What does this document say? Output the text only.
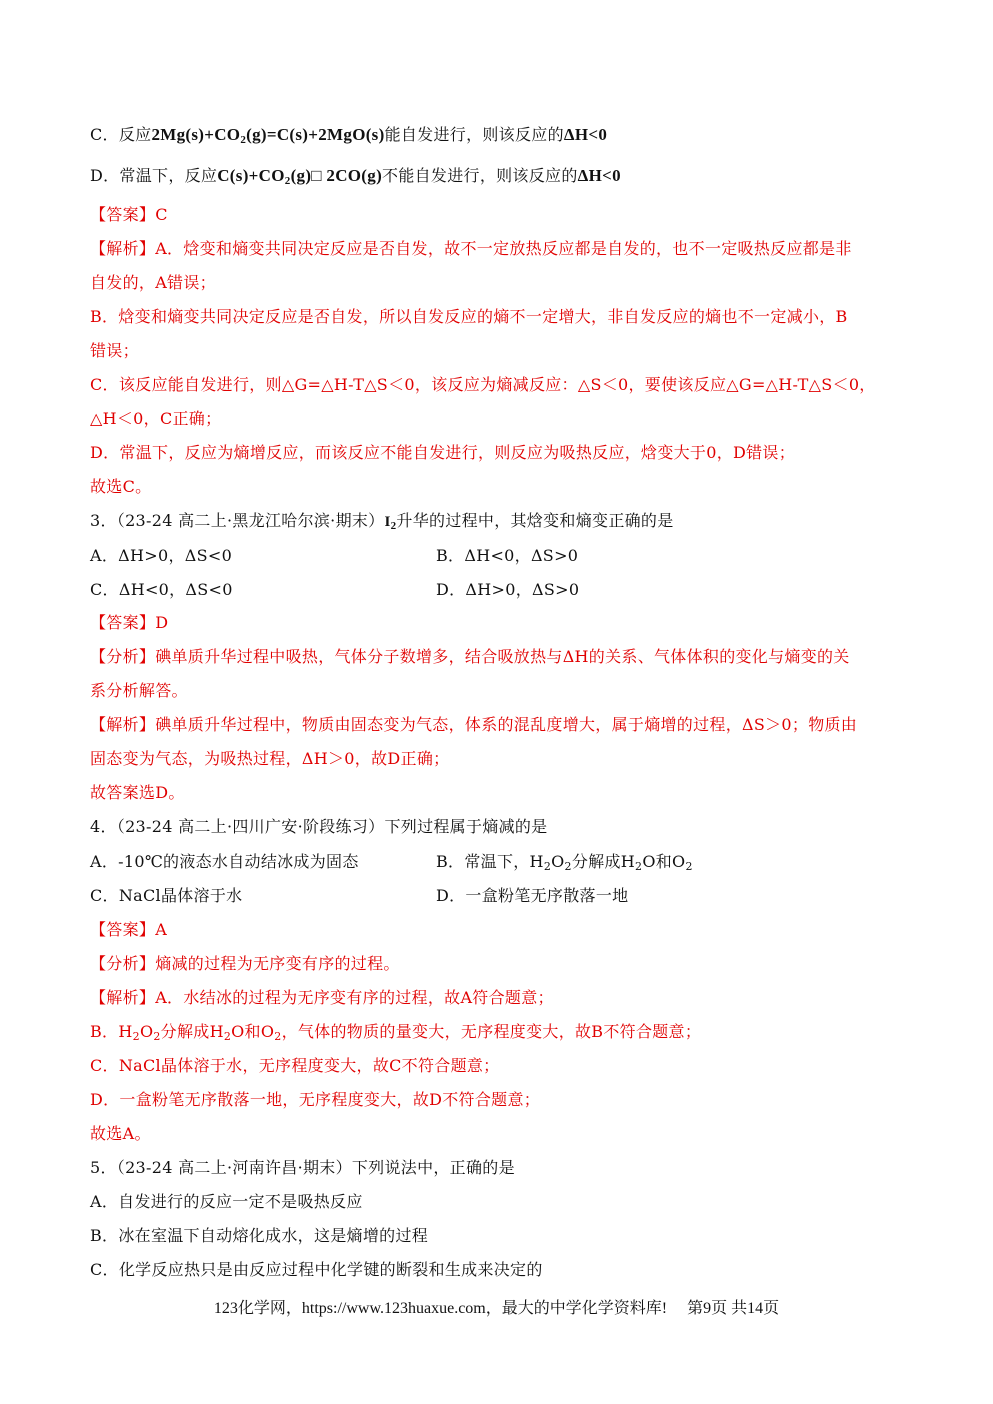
C．反应$2Mg(s)+CO_2(g)=C(s)+2MgO(s)$能自发进行，则该反应的ΔH<0
D．常温下，反应$C(s)+CO_2(g)□$ 2CO(g)不能自发进行，则该反应的ΔH<0
【答案】C
【解析】A．焓变和熵变共同决定反应是否自发，故不一定放热反应都是自发的，也不一定吸热反应都是非
自发的，A错误；
B．焓变和熵变共同决定反应是否自发，所以自发反应的熵不一定增大，非自发反应的熵也不一定减小，B
错误；
C．该反应能自发进行，则△G=△H-T△S＜0，该反应为熵减反应：△S＜0，要使该反应△G=△H-T△S＜0，
△H＜0，C正确；
D．常温下，反应为熵增反应，而该反应不能自发进行，则反应为吸热反应，焓变大于0，D错误；
故选C。
3．（23-24 高二上·黑龙江哈尔滨·期末）$I_2$升华的过程中，其焓变和熵变正确的是
A．ΔH>0，ΔS<0	B．ΔH<0，ΔS>0
C．ΔH<0，ΔS<0	D．ΔH>0，ΔS>0
【答案】D
【分析】碘单质升华过程中吸热，气体分子数增多，结合吸放热与ΔH的关系、气体体积的变化与熵变的关
系分析解答。
【解析】碘单质升华过程中，物质由固态变为气态，体系的混乱度增大，属于熵增的过程，ΔS＞0；物质由
固态变为气态，为吸热过程，ΔH＞0，故D正确；
故答案选D。
4．（23-24 高二上·四川广安·阶段练习）下列过程属于熵减的是
A．-10℃的液态水自动结冰成为固态	B．常温下，$H_2O_2$分解成$H_2O$和$O_2$
C．NaCl晶体溶于水	D．一盒粉笔无序散落一地
【答案】A
【分析】熵减的过程为无序变有序的过程。
【解析】A．水结冰的过程为无序变有序的过程，故A符合题意；
B．$H_2O_2$分解成$H_2O$和$O_2$，气体的物质的量变大，无序程度变大，故B不符合题意；
C．NaCl晶体溶于水，无序程度变大，故C不符合题意；
D．一盒粉笔无序散落一地，无序程度变大，故D不符合题意；
故选A。
5．（23-24 高二上·河南许昌·期末）下列说法中，正确的是
A．自发进行的反应一定不是吸热反应
B．冰在室温下自动熔化成水，这是熵增的过程
C．化学反应热只是由反应过程中化学键的断裂和生成来决定的
123化学网，https://www.123huaxue.com，最大的中学化学资料库! 第9页 共14页
